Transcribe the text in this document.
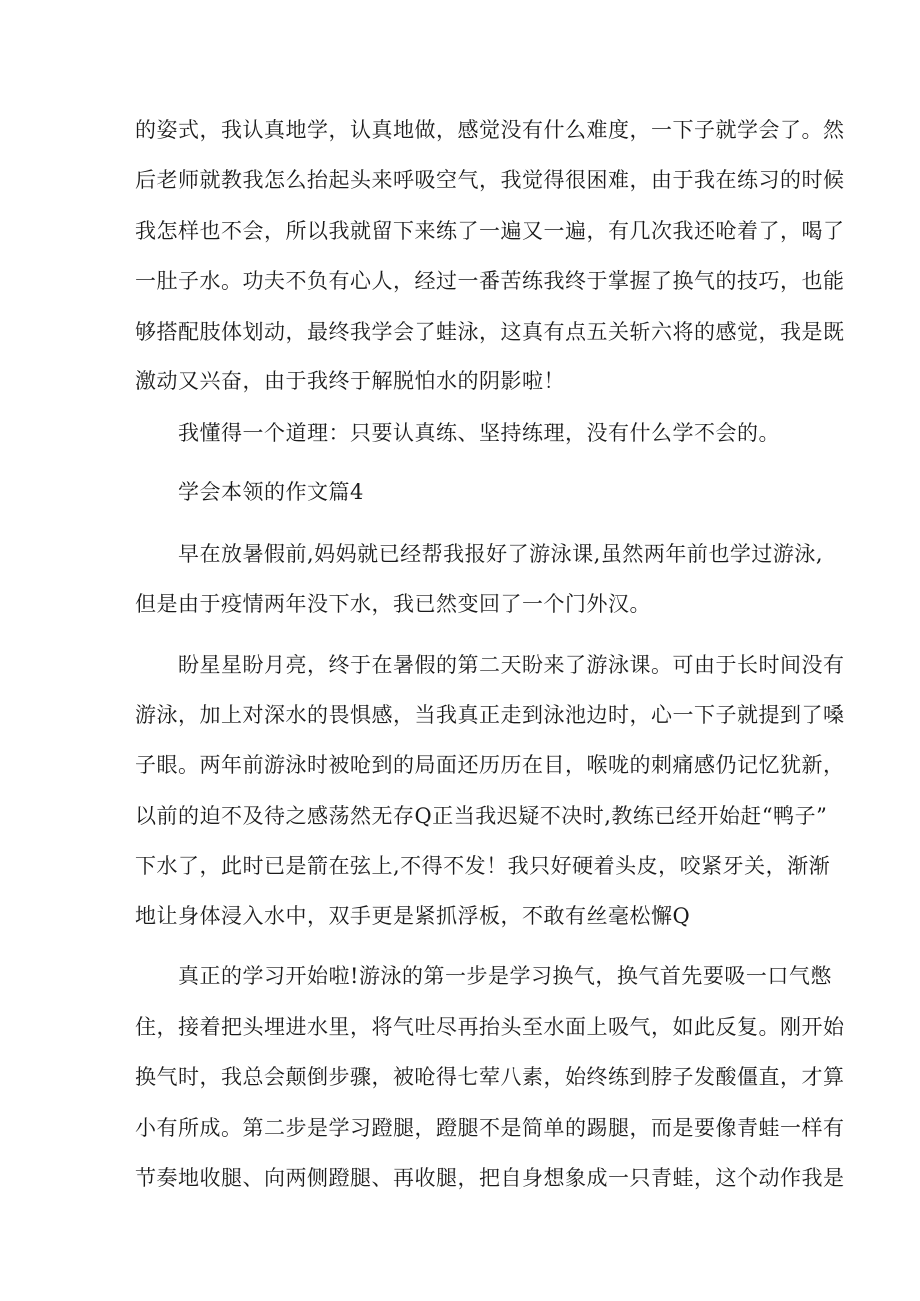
的姿式，我认真地学，认真地做，感觉没有什么难度，一下子就学会了。然
后老师就教我怎么抬起头来呼吸空气，我觉得很困难，由于我在练习的时候
我怎样也不会，所以我就留下来练了一遍又一遍，有几次我还呛着了，喝了
一肚子水。功夫不负有心人，经过一番苦练我终于掌握了换气的技巧，也能
够搭配肢体划动，最终我学会了蛙泳，这真有点五关斩六将的感觉，我是既
激动又兴奋，由于我终于解脱怕水的阴影啦！
我懂得一个道理：只要认真练、坚持练理，没有什么学不会的。
学会本领的作文篇4
早在放暑假前,妈妈就已经帮我报好了游泳课,虽然两年前也学过游泳,
但是由于疫情两年没下水，我已然变回了一个门外汉。
盼星星盼月亮，终于在暑假的第二天盼来了游泳课。可由于长时间没有
游泳，加上对深水的畏惧感，当我真正走到泳池边时，心一下子就提到了嗓
子眼。两年前游泳时被呛到的局面还历历在目，喉咙的刺痛感仍记忆犹新，
以前的迫不及待之感荡然无存Q正当我迟疑不决时,教练已经开始赶“鸭子”
下水了，此时已是箭在弦上,不得不发！我只好硬着头皮，咬紧牙关，渐渐
地让身体浸入水中，双手更是紧抓浮板，不敢有丝毫松懈Q
真正的学习开始啦!游泳的第一步是学习换气，换气首先要吸一口气憋
住，接着把头埋进水里，将气吐尽再抬头至水面上吸气，如此反复。刚开始
换气时，我总会颠倒步骤，被呛得七荤八素，始终练到脖子发酸僵直，才算
小有所成。第二步是学习蹬腿，蹬腿不是简单的踢腿，而是要像青蛙一样有
节奏地收腿、向两侧蹬腿、再收腿，把自身想象成一只青蛙，这个动作我是
